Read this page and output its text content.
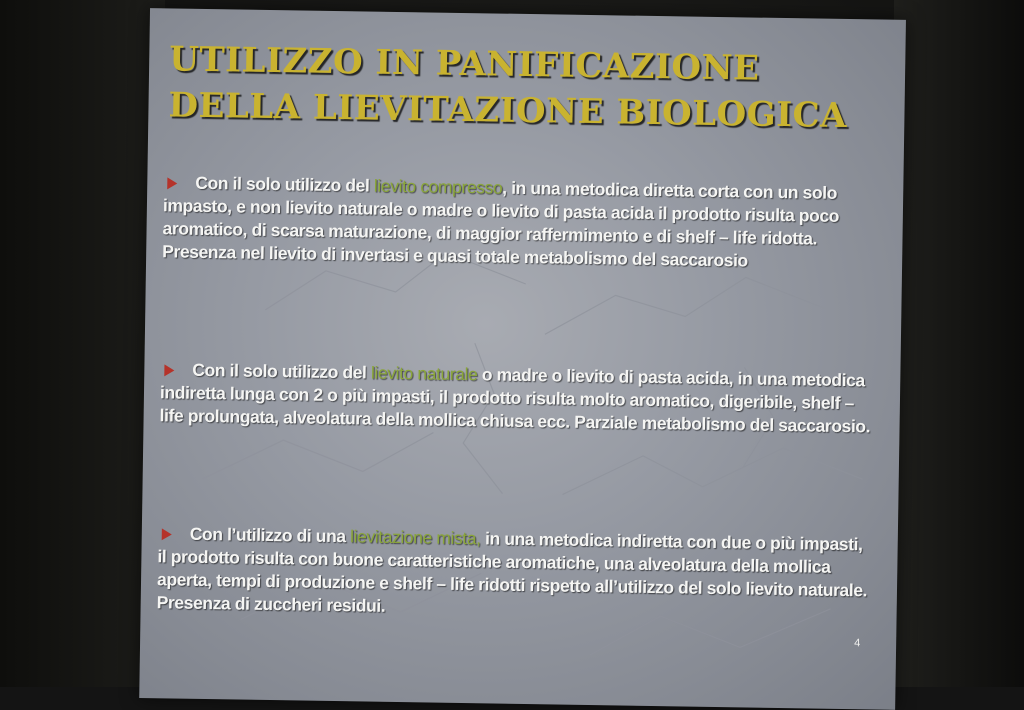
UTILIZZO IN PANIFICAZIONE
DELLA LIEVITAZIONE BIOLOGICA
Con il solo utilizzo del lievito compresso, in una metodica diretta corta con un solo impasto, e non lievito naturale o madre o lievito di pasta acida il prodotto risulta poco aromatico, di scarsa maturazione, di maggior raffermimento e di shelf – life ridotta. Presenza nel lievito di invertasi e quasi totale metabolismo del saccarosio
Con il solo utilizzo del lievito naturale o madre o lievito di pasta acida, in una metodica indiretta lunga con 2 o più impasti, il prodotto risulta molto aromatico, digeribile, shelf – life prolungata, alveolatura della mollica chiusa ecc. Parziale metabolismo del saccarosio.
Con l’utilizzo di una lievitazione mista, in una metodica indiretta con due o più impasti, il prodotto risulta con buone caratteristiche aromatiche, una alveolatura della mollica aperta, tempi di produzione e shelf – life ridotti rispetto all’utilizzo del solo lievito naturale. Presenza di zuccheri residui.
4
